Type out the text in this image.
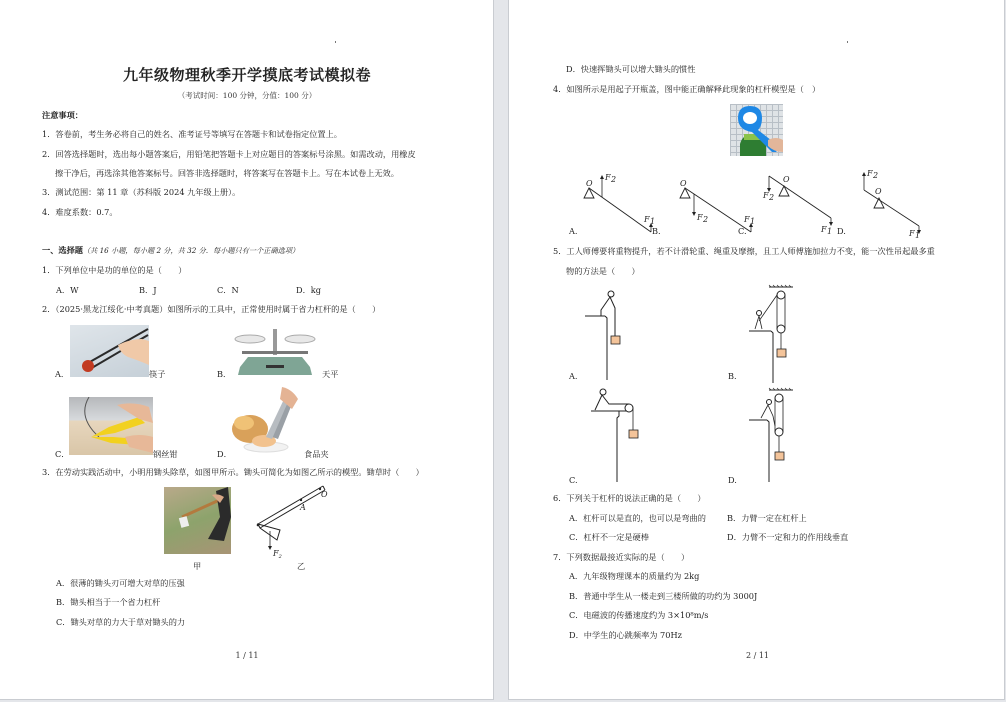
九年级物理秋季开学摸底考试模拟卷
（考试时间：100 分钟，分值：100 分）
注意事项：
1．答卷前，考生务必将自己的姓名、准考证号等填写在答题卡和试卷指定位置上。
2．回答选择题时，选出每小题答案后，用铅笔把答题卡上对应题目的答案标号涂黑。如需改动，用橡皮
擦干净后，再选涂其他答案标号。回答非选择题时，将答案写在答题卡上。写在本试卷上无效。
3．测试范围：第 11 章（苏科版 2024 九年级上册）。
4．难度系数：0.7。
一、选择题（共 16 小题，每小题 2 分，共 32 分．每小题只有一个正确选项）
1．下列单位中是功的单位的是（　　）
A．W	B．J	C．N	D．kg
2．（2025·黑龙江绥化·中考真题）如图所示的工具中，正常使用时属于省力杠杆的是（　　）
A．	筷子	B．	天平
C．	钢丝钳	D．	食品夹
3．在劳动实践活动中，小明用锄头除草，如图甲所示。锄头可简化为如图乙所示的模型。锄草时（　　）
甲
O
A
$F_2$
乙
A．很薄的锄头刃可增大对草的压强
B．锄头相当于一个省力杠杆
C．锄头对草的力大于草对锄头的力
1 / 11
D．快速挥锄头可以增大锄头的惯性
4．如图所示是用起子开瓶盖，图中能正确解释此现象的杠杆模型是（　）
O
F 2
F 1
O
F 2	F 1
O
F 2
F 1
O
F 2
F 1
A.	B.	C.	D.
5．工人师傅要将重物提升，若不计滑轮重、绳重及摩擦，且工人师傅施加拉力不变，能一次性吊起最多重
物的方法是（　　）
A.	B.
C.	D.
6．下列关于杠杆的说法正确的是（　　）
A．杠杆可以是直的，也可以是弯曲的	B．力臂一定在杠杆上
C．杠杆不一定是硬棒	D．力臂不一定和力的作用线垂直
7．下列数据最接近实际的是（　　）
A．九年级物理课本的质量约为 2kg
B．普通中学生从一楼走到三楼所做的功约为 3000J
C．电磁波的传播速度约为 3×10⁸m/s
D．中学生的心跳频率为 70Hz
2 / 11
